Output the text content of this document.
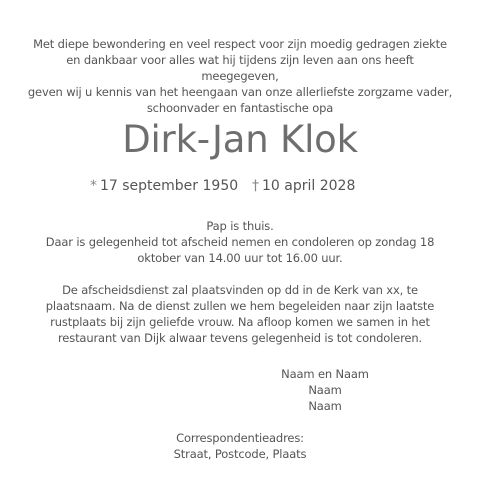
Met diepe bewondering en veel respect voor zijn moedig gedragen ziekte
en dankbaar voor alles wat hij tijdens zijn leven aan ons heeft
meegegeven,
geven wij u kennis van het heengaan van onze allerliefste zorgzame vader,
schoonvader en fantastische opa
Dirk-Jan Klok
* 17 september 1950 † 10 april 2028
Pap is thuis.
Daar is gelegenheid tot afscheid nemen en condoleren op zondag 18
oktober van 14.00 uur tot 16.00 uur.
De afscheidsdienst zal plaatsvinden op dd in de Kerk van xx, te
plaatsnaam. Na de dienst zullen we hem begeleiden naar zijn laatste
rustplaats bij zijn geliefde vrouw. Na afloop komen we samen in het
restaurant van Dijk alwaar tevens gelegenheid is tot condoleren.
Naam en Naam
Naam
Naam
Correspondentieadres:
Straat, Postcode, Plaats
